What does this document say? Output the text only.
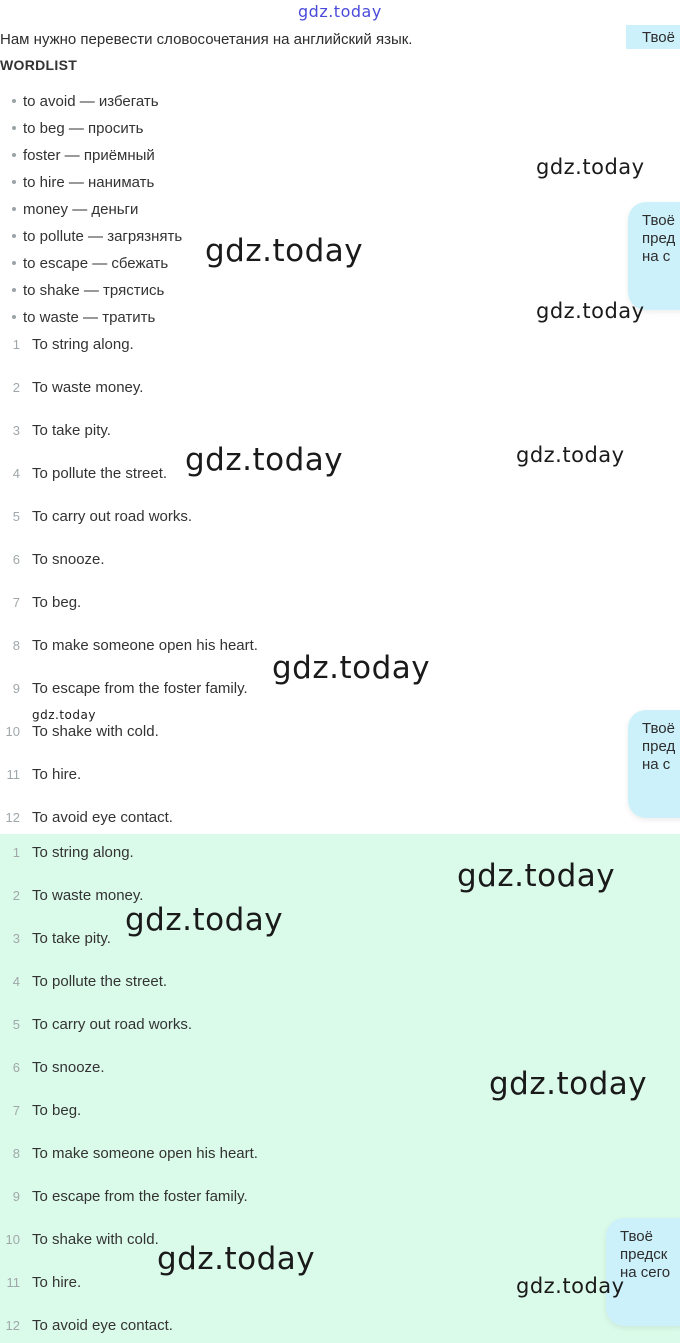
gdz.today
Твоё
Нам нужно перевести словосочетания на английский язык.
WORDLIST
to avoid — избегать
to beg — просить
foster — приёмный
to hire — нанимать
money — деньги
to pollute — загрязнять
to escape — сбежать
to shake — трястись
to waste — тратить
1 To string along.
2 To waste money.
3 To take pity.
4 To pollute the street.
5 To carry out road works.
6 To snooze.
7 To beg.
8 To make someone open his heart.
9 To escape from the foster family.
10 To shake with cold.
11 To hire.
12 To avoid eye contact.
1 To string along.
2 To waste money.
3 To take pity.
4 To pollute the street.
5 To carry out road works.
6 To snooze.
7 To beg.
8 To make someone open his heart.
9 To escape from the foster family.
10 To shake with cold.
11 To hire.
12 To avoid eye contact.
Твоё
пред
на с
Твоё
пред
на с
Твоё
предск
на сего
gdz.today
gdz.today
gdz.today
gdz.today	gdz.today
gdz.today
gdz.today
gdz.today
gdz.today
gdz.today
gdz.today
gdz.today
